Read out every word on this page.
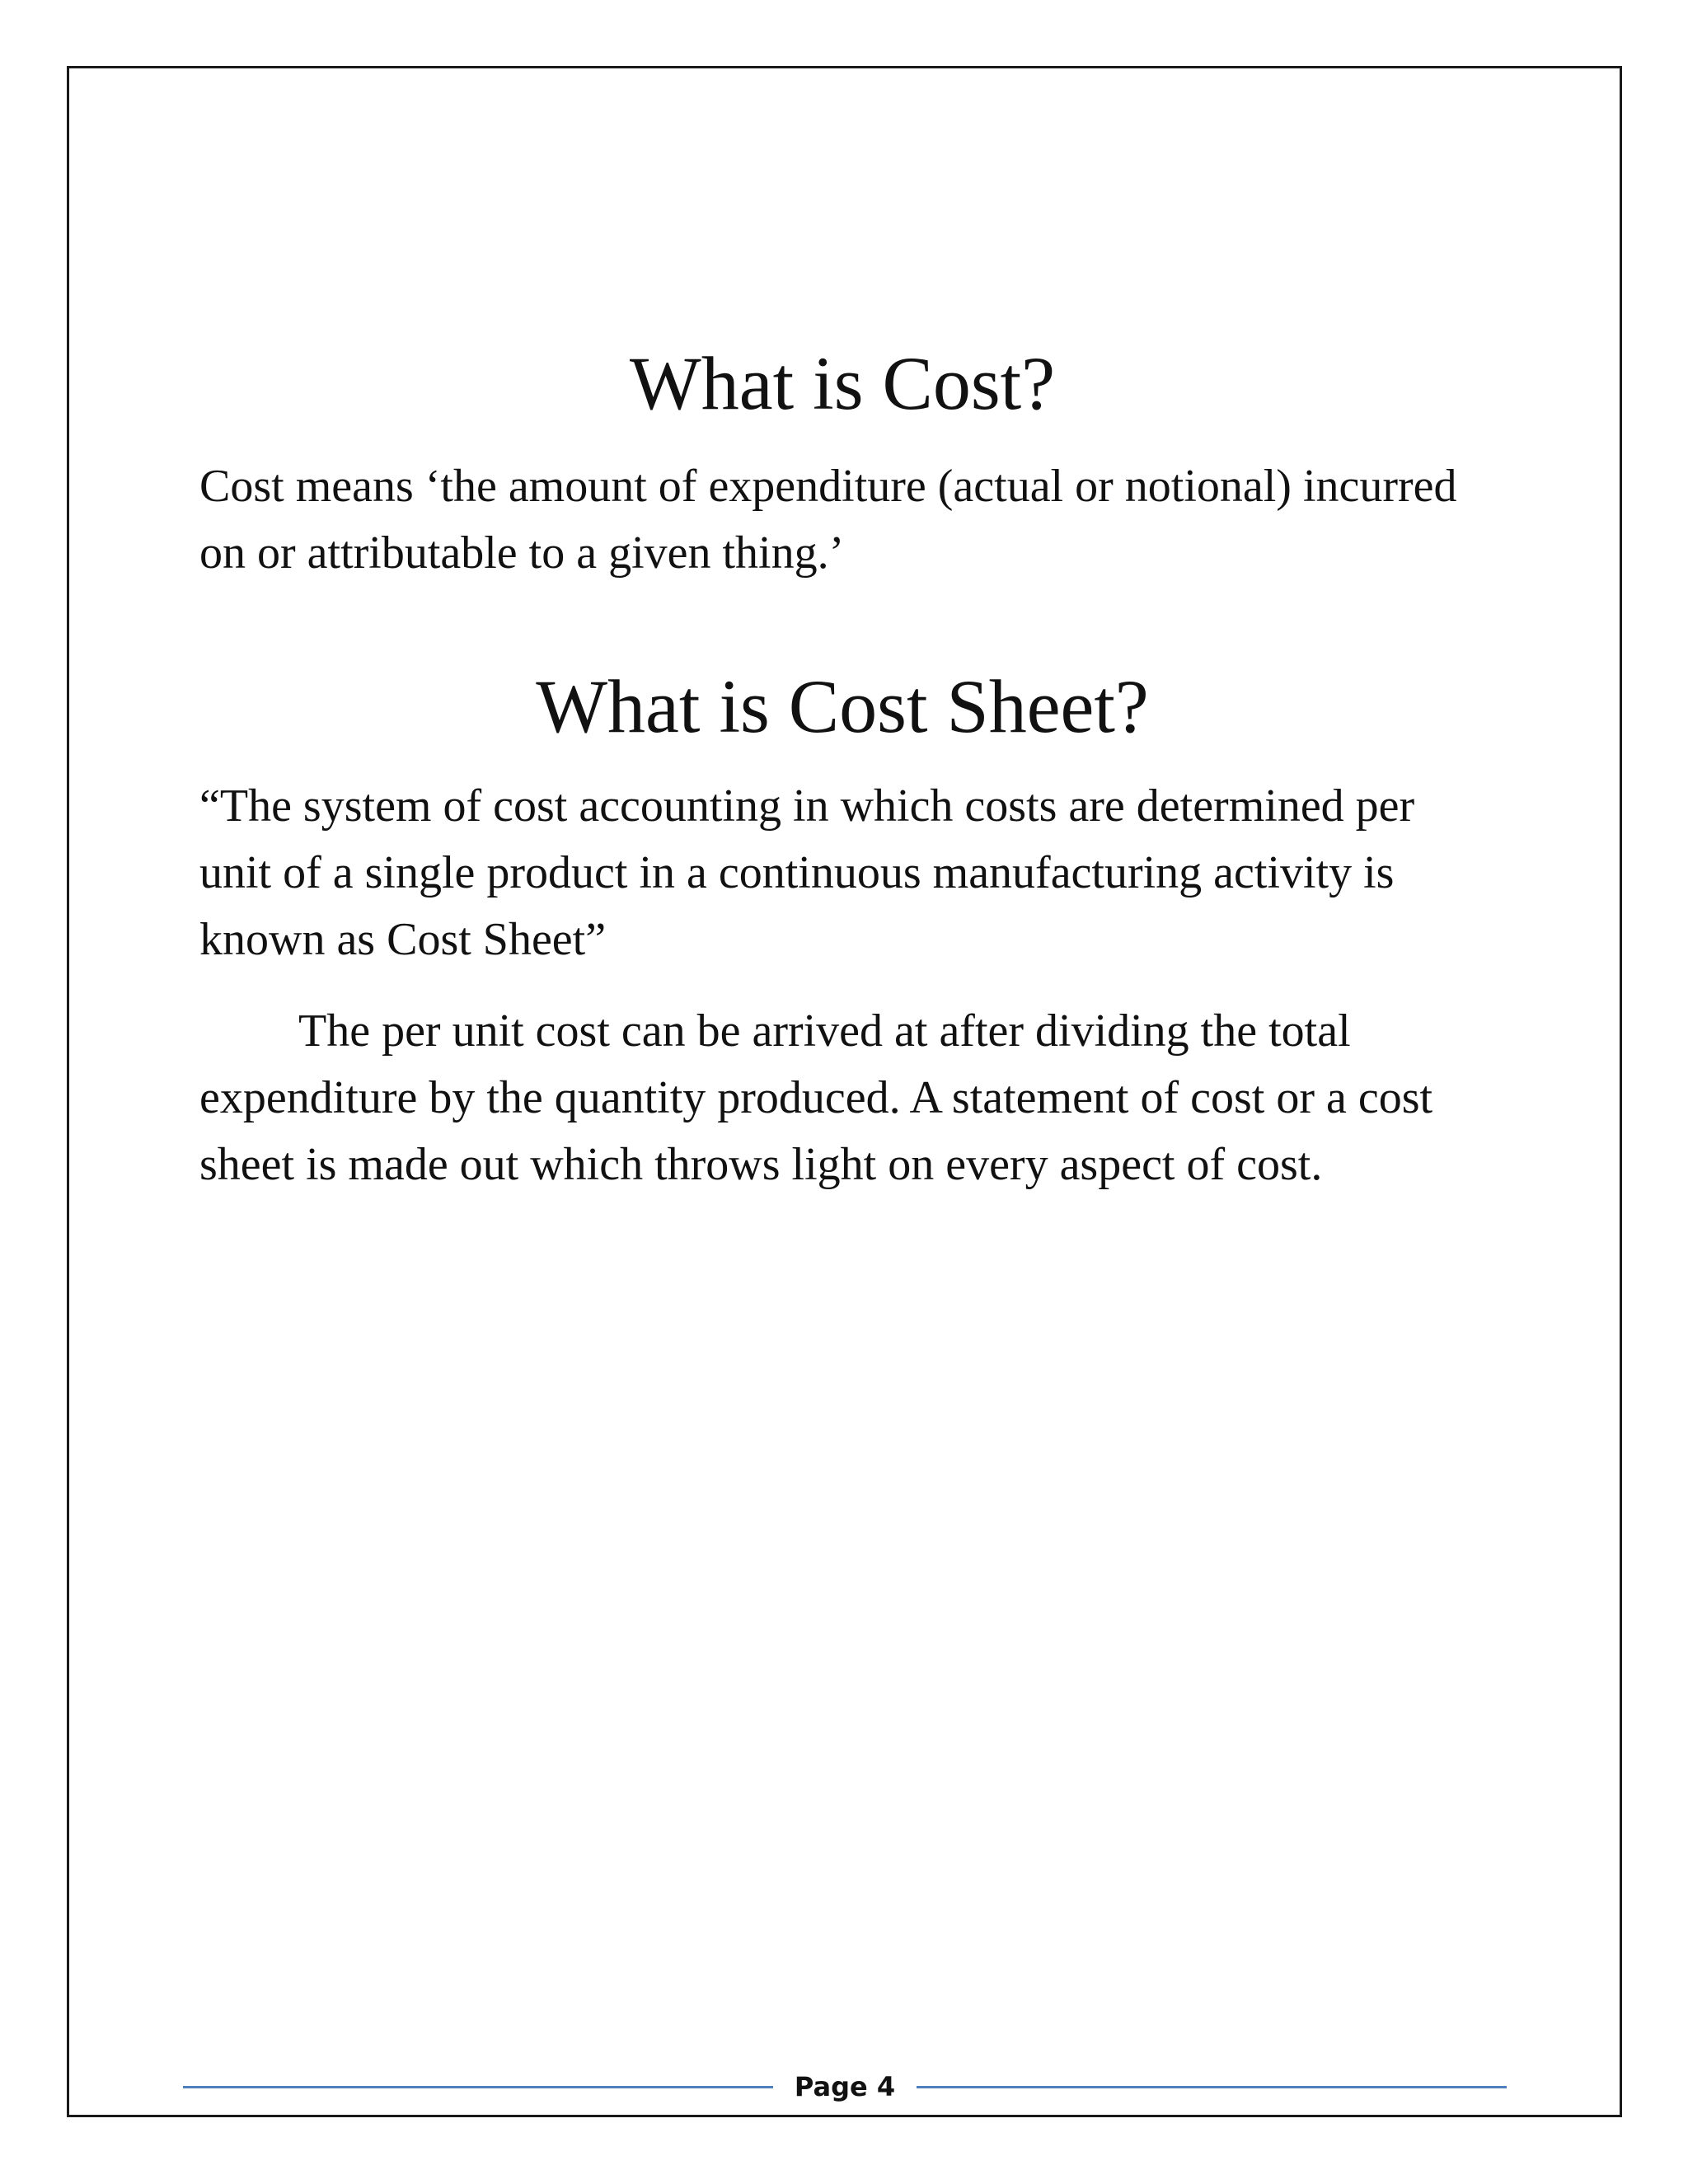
What is Cost?

Cost means ‘the amount of expenditure (actual or notional) incurred on or attributable to a given thing.’

What is Cost Sheet?

“The system of cost accounting in which costs are determined per unit of a single product in a continuous manufacturing activity is known as Cost Sheet”

The per unit cost can be arrived at after dividing the total expenditure by the quantity produced. A statement of cost or a cost sheet is made out which throws light on every aspect of cost.

Page 4
